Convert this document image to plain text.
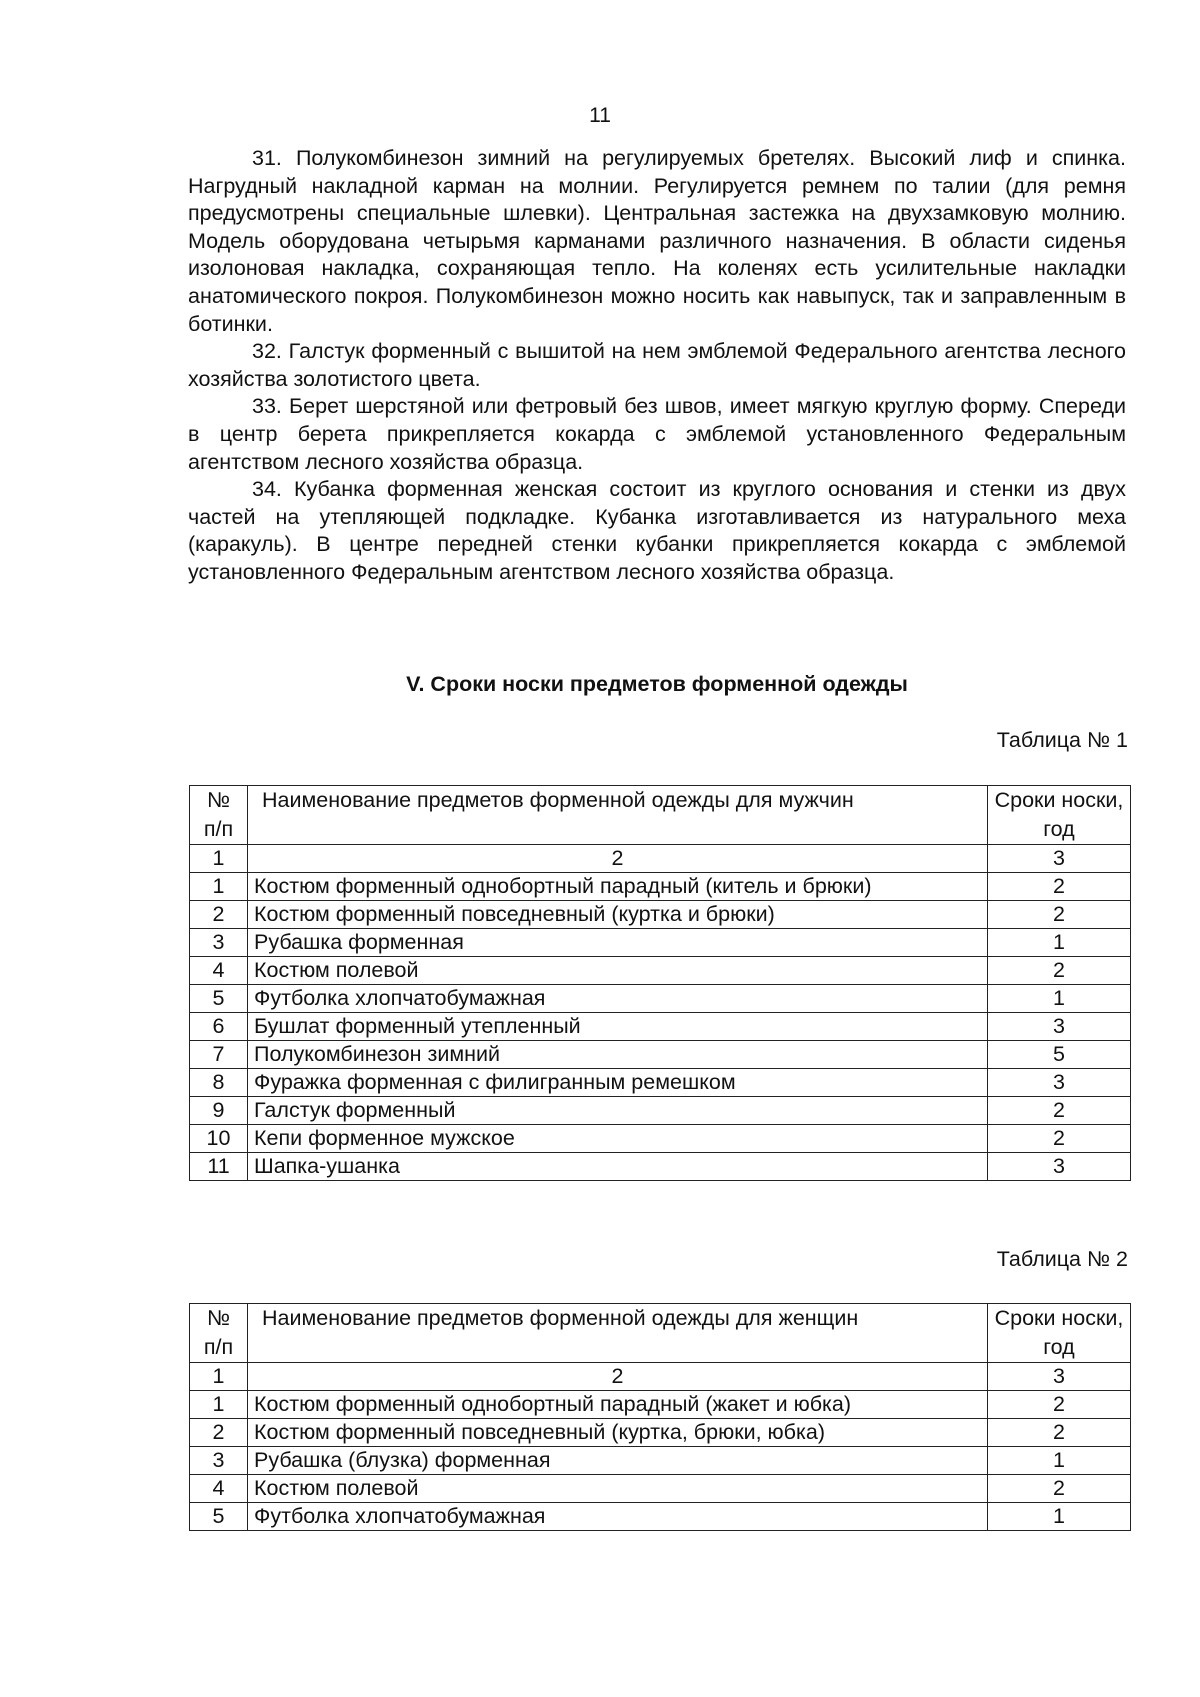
11

31. Полукомбинезон зимний на регулируемых бретелях. Высокий лиф и спинка. Нагрудный накладной карман на молнии. Регулируется ремнем по талии (для ремня предусмотрены специальные шлевки). Центральная застежка на двухзамковую молнию. Модель оборудована четырьмя карманами различного назначения. В области сиденья изолоновая накладка, сохраняющая тепло. На коленях есть усилительные накладки анатомического покроя. Полукомбинезон можно носить как навыпуск, так и заправленным в ботинки.

32. Галстук форменный с вышитой на нем эмблемой Федерального агентства лесного хозяйства золотистого цвета.

33. Берет шерстяной или фетровый без швов, имеет мягкую круглую форму. Спереди в центр берета прикрепляется кокарда с эмблемой установленного Федеральным агентством лесного хозяйства образца.

34. Кубанка форменная женская состоит из круглого основания и стенки из двух частей на утепляющей подкладке. Кубанка изготавливается из натурального меха (каракуль). В центре передней стенки кубанки прикрепляется кокарда с эмблемой установленного Федеральным агентством лесного хозяйства образца.

V. Сроки носки предметов форменной одежды
Таблица № 1
№ п/п	Наименование предметов форменной одежды для мужчин	Сроки носки, год
1	2	3
1	Костюм форменный однобортный парадный (китель и брюки)	2
2	Костюм форменный повседневный (куртка и брюки)	2
3	Рубашка форменная	1
4	Костюм полевой	2
5	Футболка хлопчатобумажная	1
6	Бушлат форменный утепленный	3
7	Полукомбинезон зимний	5
8	Фуражка форменная с филигранным ремешком	3
9	Галстук форменный	2
10	Кепи форменное мужское	2
11	Шапка-ушанка	3
Таблица № 2
№ п/п	Наименование предметов форменной одежды для женщин	Сроки носки, год
1	2	3
1	Костюм форменный однобортный парадный (жакет и юбка)	2
2	Костюм форменный повседневный (куртка, брюки, юбка)	2
3	Рубашка (блузка) форменная	1
4	Костюм полевой	2
5	Футболка хлопчатобумажная	1
